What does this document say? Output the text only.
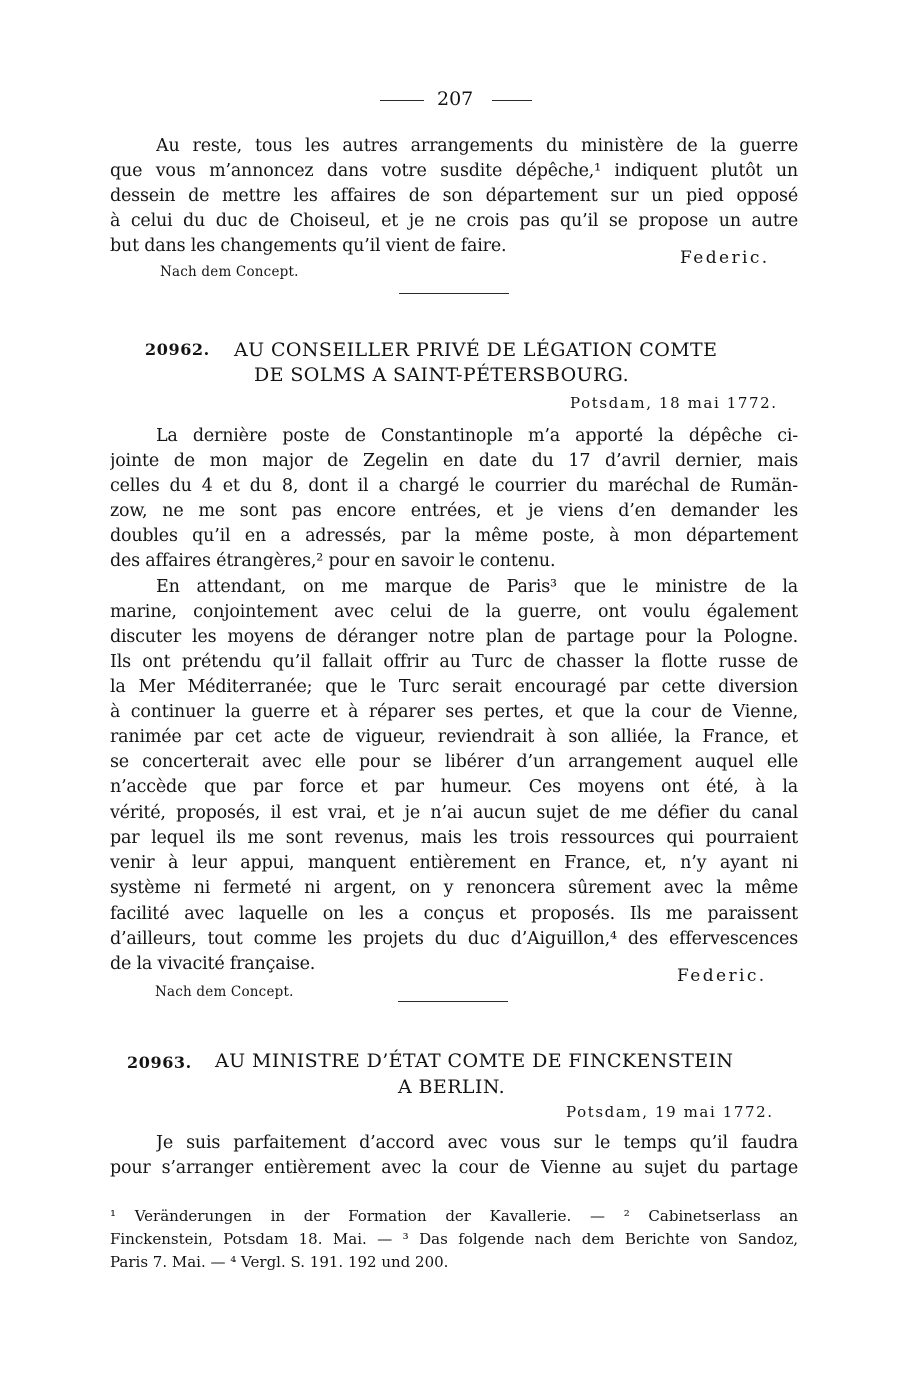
207
Au reste, tous les autres arrangements du ministère de la guerre
que vous m’annoncez dans votre susdite dépêche,¹ indiquent plutôt un
dessein de mettre les affaires de son département sur un pied opposé
à celui du duc de Choiseul, et je ne crois pas qu’il se propose un autre
but dans les changements qu’il vient de faire.
Federic.
Nach dem Concept.
20962. AU CONSEILLER PRIVÉ DE LÉGATION COMTE
DE SOLMS A SAINT-PÉTERSBOURG.
Potsdam, 18 mai 1772.
La dernière poste de Constantinople m’a apporté la dépêche ci-
jointe de mon major de Zegelin en date du 17 d’avril dernier, mais
celles du 4 et du 8, dont il a chargé le courrier du maréchal de Rumän-
zow, ne me sont pas encore entrées, et je viens d’en demander les
doubles qu’il en a adressés, par la même poste, à mon département
des affaires étrangères,² pour en savoir le contenu.
En attendant, on me marque de Paris³ que le ministre de la
marine, conjointement avec celui de la guerre, ont voulu également
discuter les moyens de déranger notre plan de partage pour la Pologne.
Ils ont prétendu qu’il fallait offrir au Turc de chasser la flotte russe de
la Mer Méditerranée; que le Turc serait encouragé par cette diversion
à continuer la guerre et à réparer ses pertes, et que la cour de Vienne,
ranimée par cet acte de vigueur, reviendrait à son alliée, la France, et
se concerterait avec elle pour se libérer d’un arrangement auquel elle
n’accède que par force et par humeur. Ces moyens ont été, à la
vérité, proposés, il est vrai, et je n’ai aucun sujet de me défier du canal
par lequel ils me sont revenus, mais les trois ressources qui pourraient
venir à leur appui, manquent entièrement en France, et, n’y ayant ni
système ni fermeté ni argent, on y renoncera sûrement avec la même
facilité avec laquelle on les a conçus et proposés. Ils me paraissent
d’ailleurs, tout comme les projets du duc d’Aiguillon,⁴ des effervescences
de la vivacité française.
Federic.
Nach dem Concept.
20963. AU MINISTRE D’ÉTAT COMTE DE FINCKENSTEIN
A BERLIN.
Potsdam, 19 mai 1772.
Je suis parfaitement d’accord avec vous sur le temps qu’il faudra
pour s’arranger entièrement avec la cour de Vienne au sujet du partage
¹ Veränderungen in der Formation der Kavallerie. — ² Cabinetserlass an
Finckenstein, Potsdam 18. Mai. — ³ Das folgende nach dem Berichte von Sandoz,
Paris 7. Mai. — ⁴ Vergl. S. 191. 192 und 200.
